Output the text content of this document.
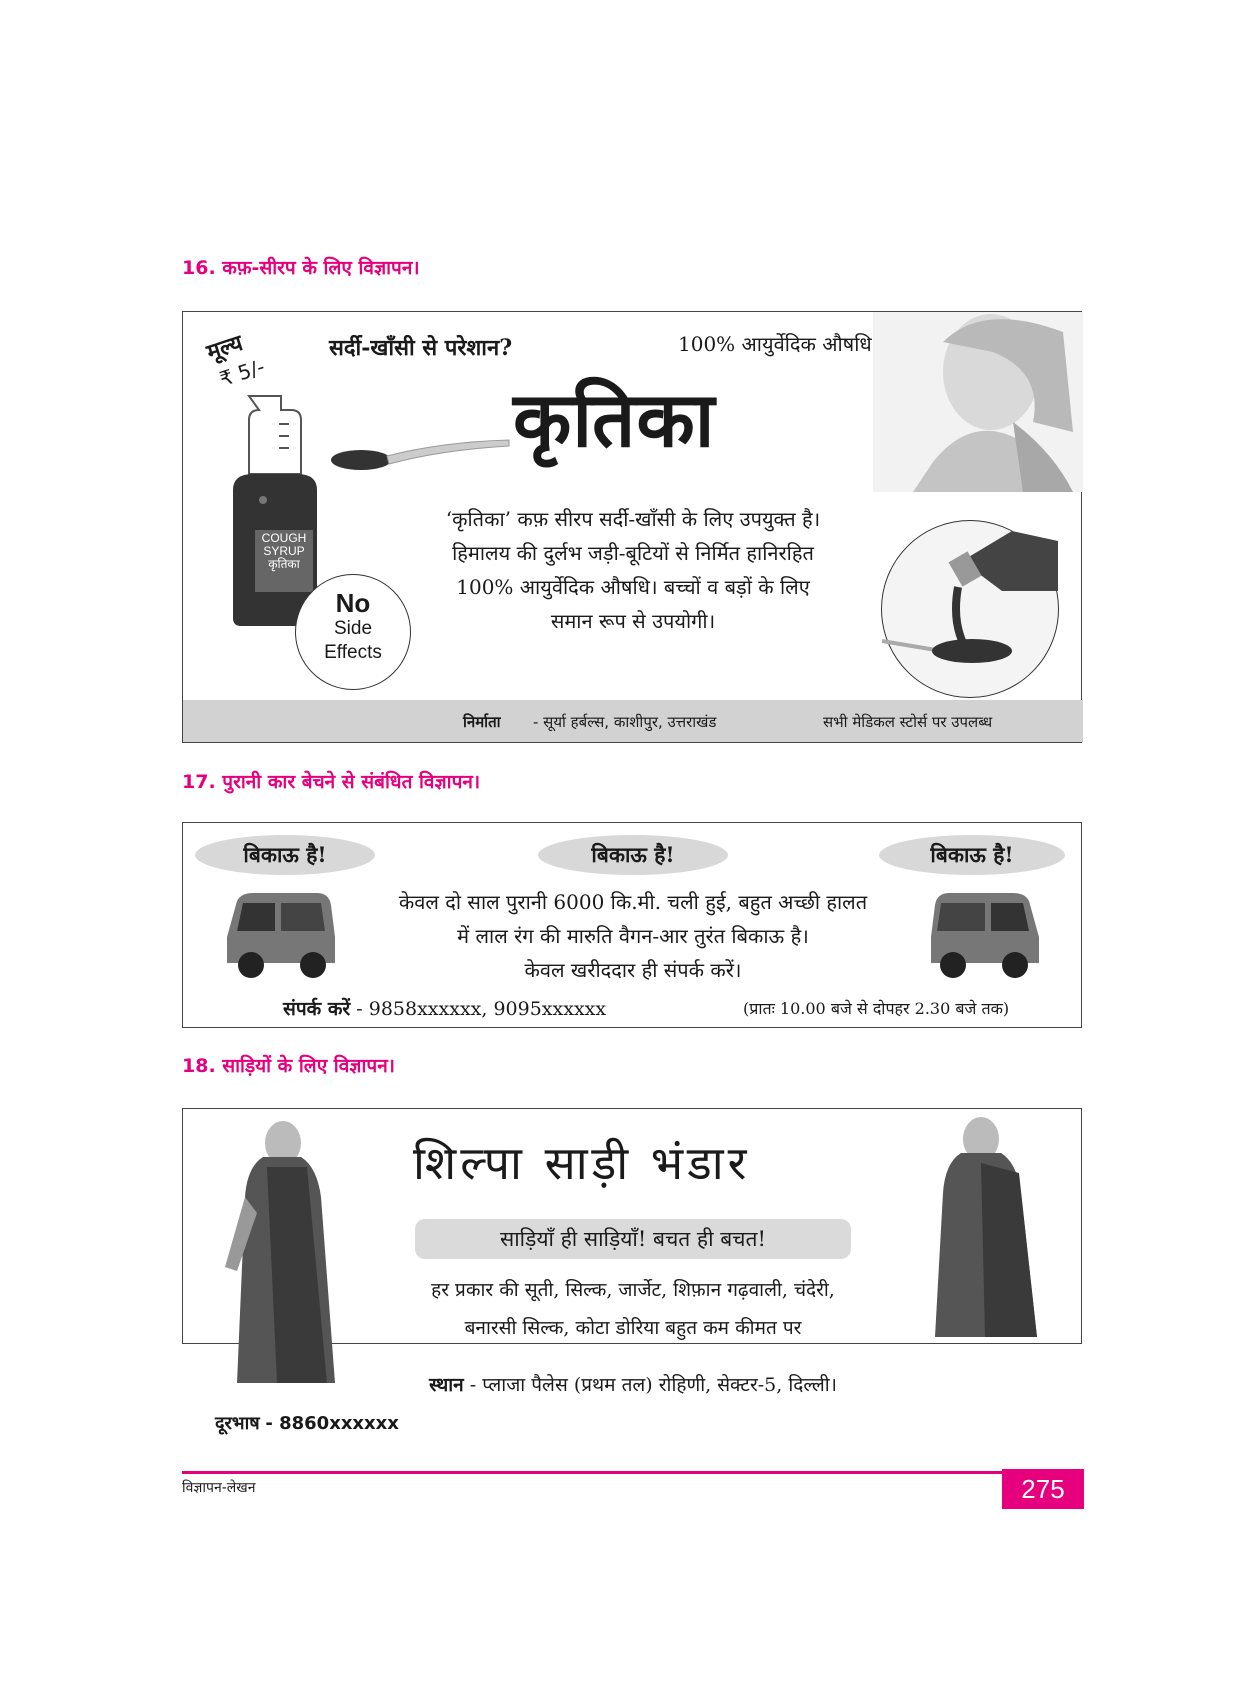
16. कफ़-सीरप के लिए विज्ञापन।
मूल्य
₹ 5/-
सर्दी-खाँसी से परेशान?	100% आयुर्वेदिक औषधि
कृतिका
COUGH
SYRUP
कृतिका
‘कृतिका’ कफ़ सीरप सर्दी-खाँसी के लिए उपयुक्त है।
हिमालय की दुर्लभ जड़ी-बूटियों से निर्मित हानिरहित
100% आयुर्वेदिक औषधि। बच्चों व बड़ों के लिए
समान रूप से उपयोगी।
No
Side
Effects
निर्माता - सूर्या हर्बल्स, काशीपुर, उत्तराखंड	सभी मेडिकल स्टोर्स पर उपलब्ध
17. पुरानी कार बेचने से संबंधित विज्ञापन।
बिकाऊ है!	बिकाऊ है!	बिकाऊ है!
केवल दो साल पुरानी 6000 कि.मी. चली हुई, बहुत अच्छी हालत
में लाल रंग की मारुति वैगन-आर तुरंत बिकाऊ है।
केवल खरीददार ही संपर्क करें।
संपर्क करें - 9858xxxxxx, 9095xxxxxx	(प्रातः 10.00 बजे से दोपहर 2.30 बजे तक)
18. साड़ियों के लिए विज्ञापन।
शिल्पा साड़ी भंडार
साड़ियाँ ही साड़ियाँ! बचत ही बचत!
हर प्रकार की सूती, सिल्क, जार्जेट, शिफ़ान गढ़वाली, चंदेरी,
बनारसी सिल्क, कोटा डोरिया बहुत कम कीमत पर
स्थान - प्लाजा पैलेस (प्रथम तल) रोहिणी, सेक्टर-5, दिल्ली।
दूरभाष - 8860xxxxxx
विज्ञापन-लेखन	275
